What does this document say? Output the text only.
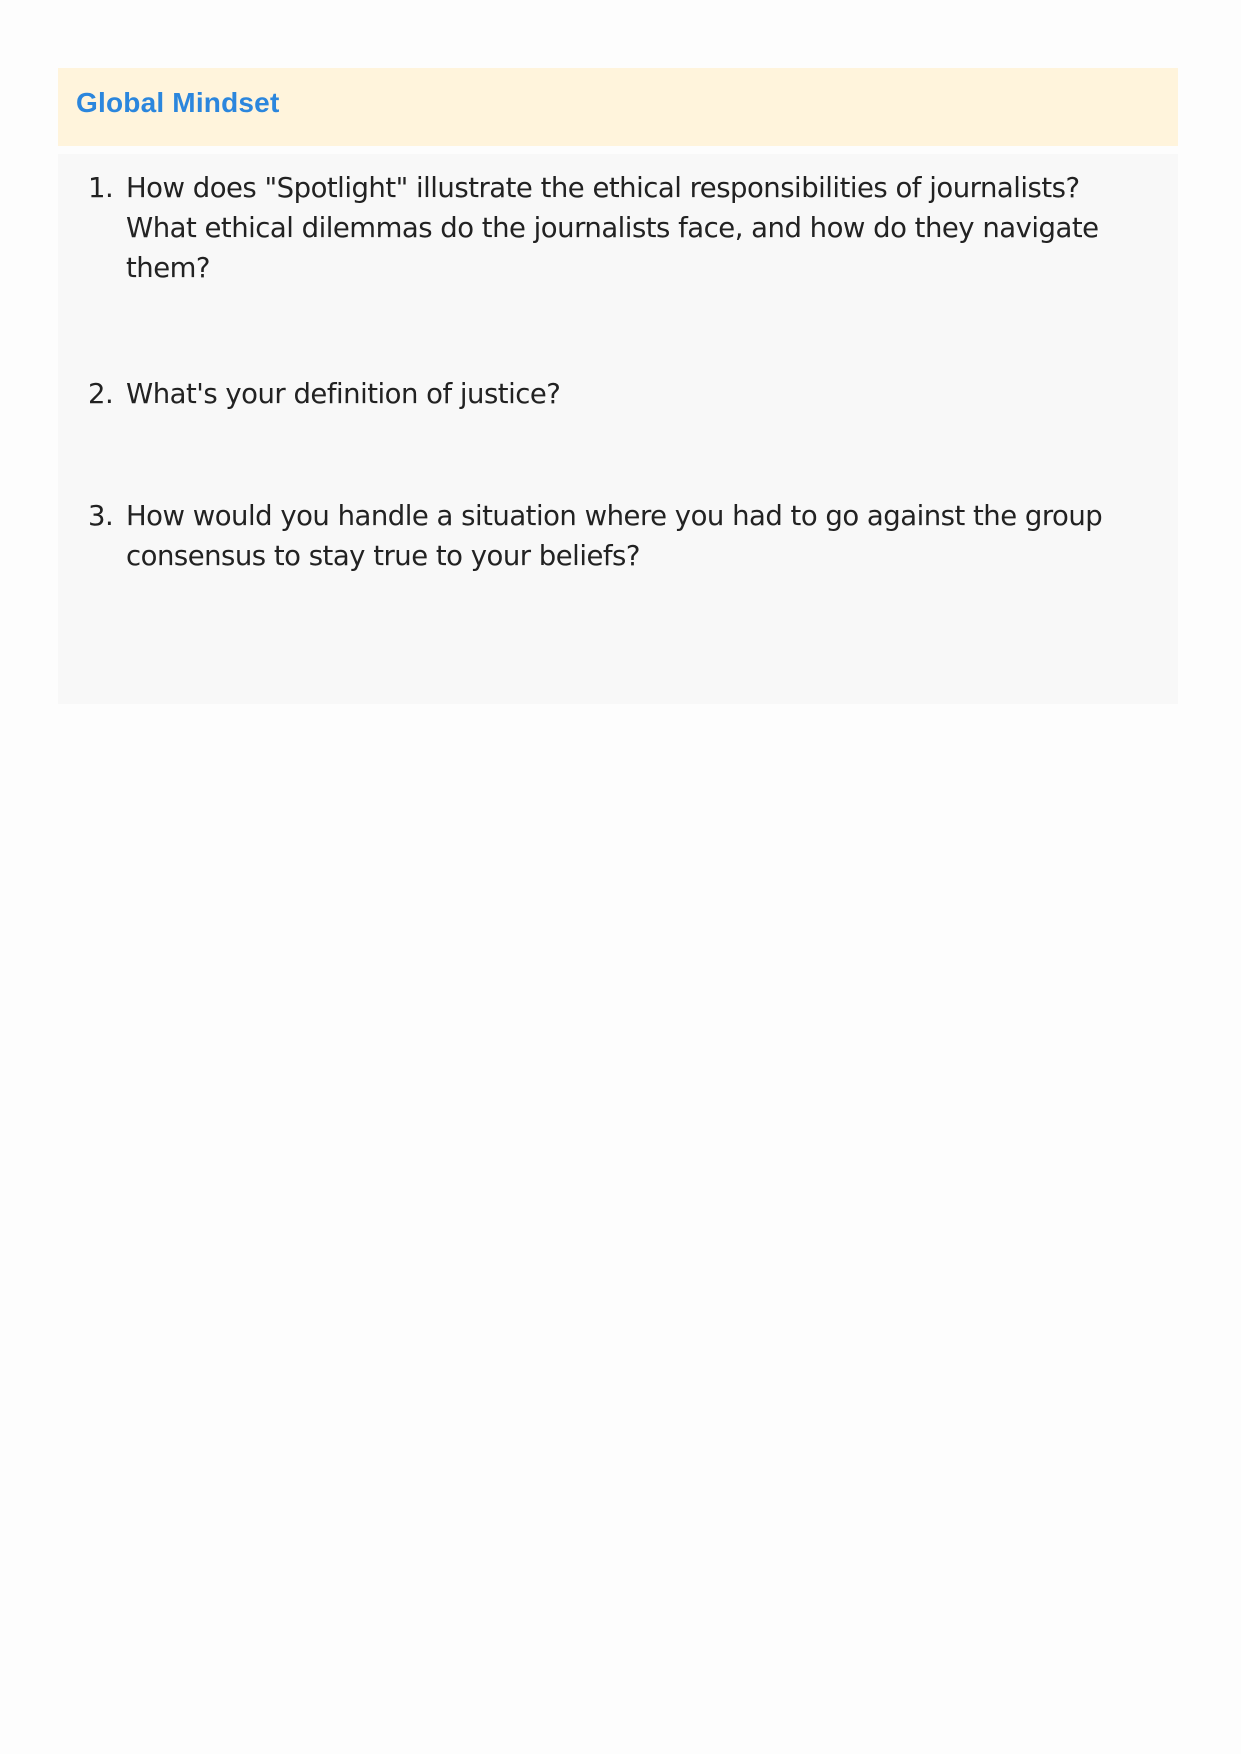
Global Mindset
1. How does "Spotlight" illustrate the ethical responsibilities of journalists? What ethical dilemmas do the journalists face, and how do they navigate them?
2. What's your definition of justice?
3. How would you handle a situation where you had to go against the group consensus to stay true to your beliefs?
